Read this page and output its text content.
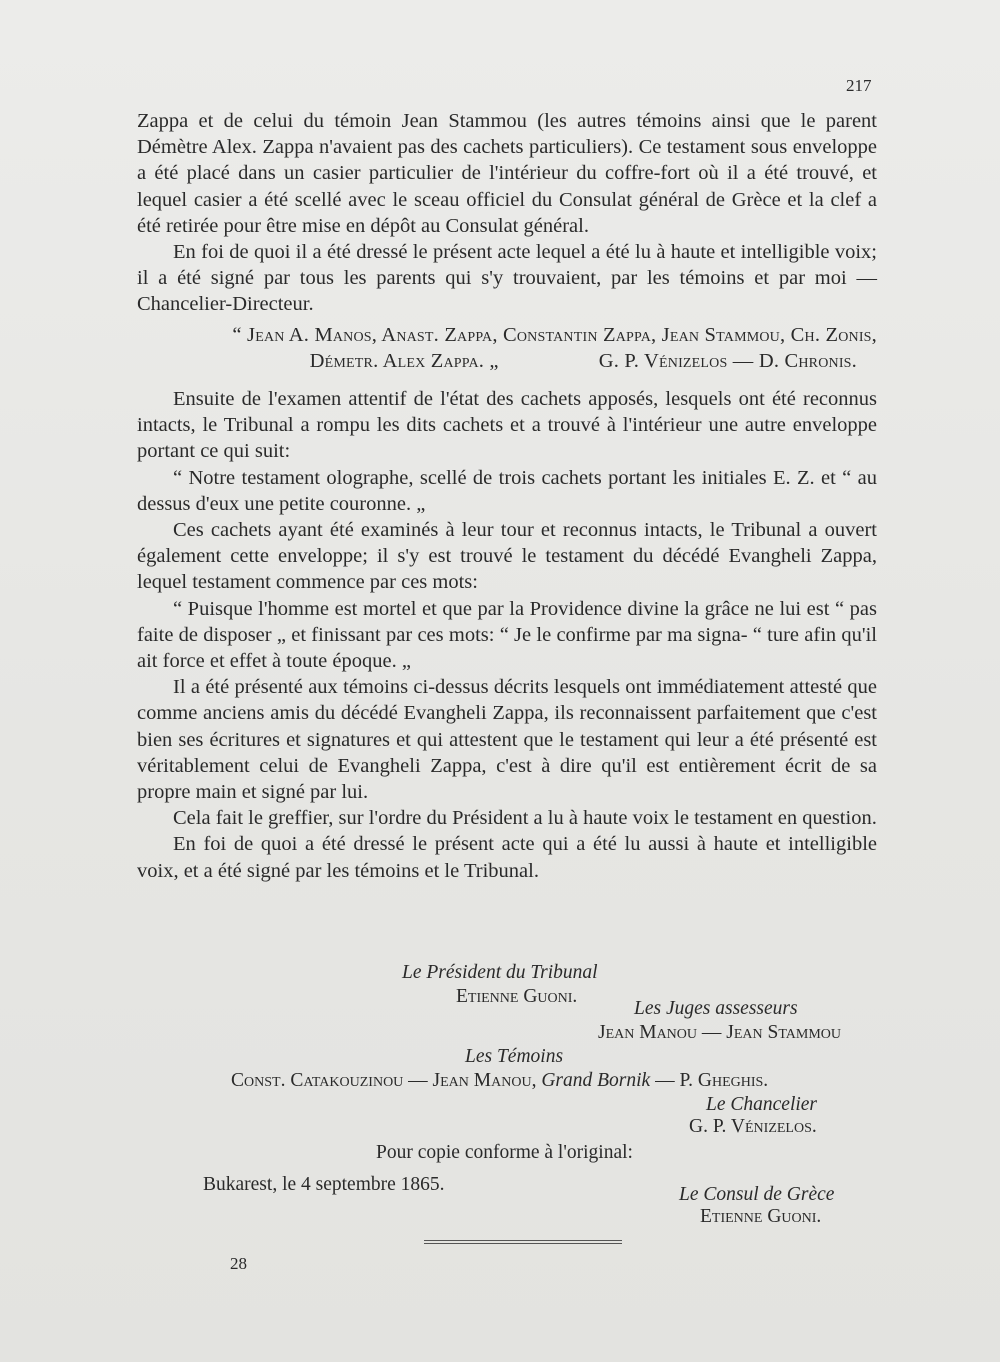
217

Zappa et de celui du témoin Jean Stammou (les autres témoins ainsi que le parent Démètre Alex. Zappa n'avaient pas des cachets particuliers). Ce testament sous enveloppe a été placé dans un casier particulier de l'intérieur du coffre-fort où il a été trouvé, et lequel casier a été scellé avec le sceau officiel du Consulat général de Grèce et la clef a été retirée pour être mise en dépôt au Consulat général.

En foi de quoi il a été dressé le présent acte lequel a été lu à haute et intelligible voix; il a été signé par tous les parents qui s'y trouvaient, par les témoins et par moi — Chancelier-Directeur.

“ Jean A. Manos, Anast. Zappa, Constantin Zappa, Jean Stammou, Ch. Zonis,
Démetr. Alex Zappa. „	G. P. Vénizelos — D. Chronis.

Ensuite de l'examen attentif de l'état des cachets apposés, lesquels ont été reconnus intacts, le Tribunal a rompu les dits cachets et a trouvé à l'intérieur une autre enveloppe portant ce qui suit:

“ Notre testament olographe, scellé de trois cachets portant les initiales E. Z. et “ au dessus d'eux une petite couronne. „

Ces cachets ayant été examinés à leur tour et reconnus intacts, le Tribunal a ouvert également cette enveloppe; il s'y est trouvé le testament du décédé Evangheli Zappa, lequel testament commence par ces mots:

“ Puisque l'homme est mortel et que par la Providence divine la grâce ne lui est “ pas faite de disposer „ et finissant par ces mots: “ Je le confirme par ma signa- “ ture afin qu'il ait force et effet à toute époque. „

Il a été présenté aux témoins ci-dessus décrits lesquels ont immédiatement attesté que comme anciens amis du décédé Evangheli Zappa, ils reconnaissent parfaitement que c'est bien ses écritures et signatures et qui attestent que le testament qui leur a été présenté est véritablement celui de Evangheli Zappa, c'est à dire qu'il est entièrement écrit de sa propre main et signé par lui.

Cela fait le greffier, sur l'ordre du Président a lu à haute voix le testament en question.

En foi de quoi a été dressé le présent acte qui a été lu aussi à haute et intelligible voix, et a été signé par les témoins et le Tribunal.

Le Président du Tribunal
Etienne Guoni.
Les Juges assesseurs
Jean Manou — Jean Stammou
Les Témoins
Const. Catakouzinou — Jean Manou, Grand Bornik — P. Gheghis.
Le Chancelier
G. P. Vénizelos.
Pour copie conforme à l'original:
Bukarest, le 4 septembre 1865.	Le Consul de Grèce
Etienne Guoni.
28
